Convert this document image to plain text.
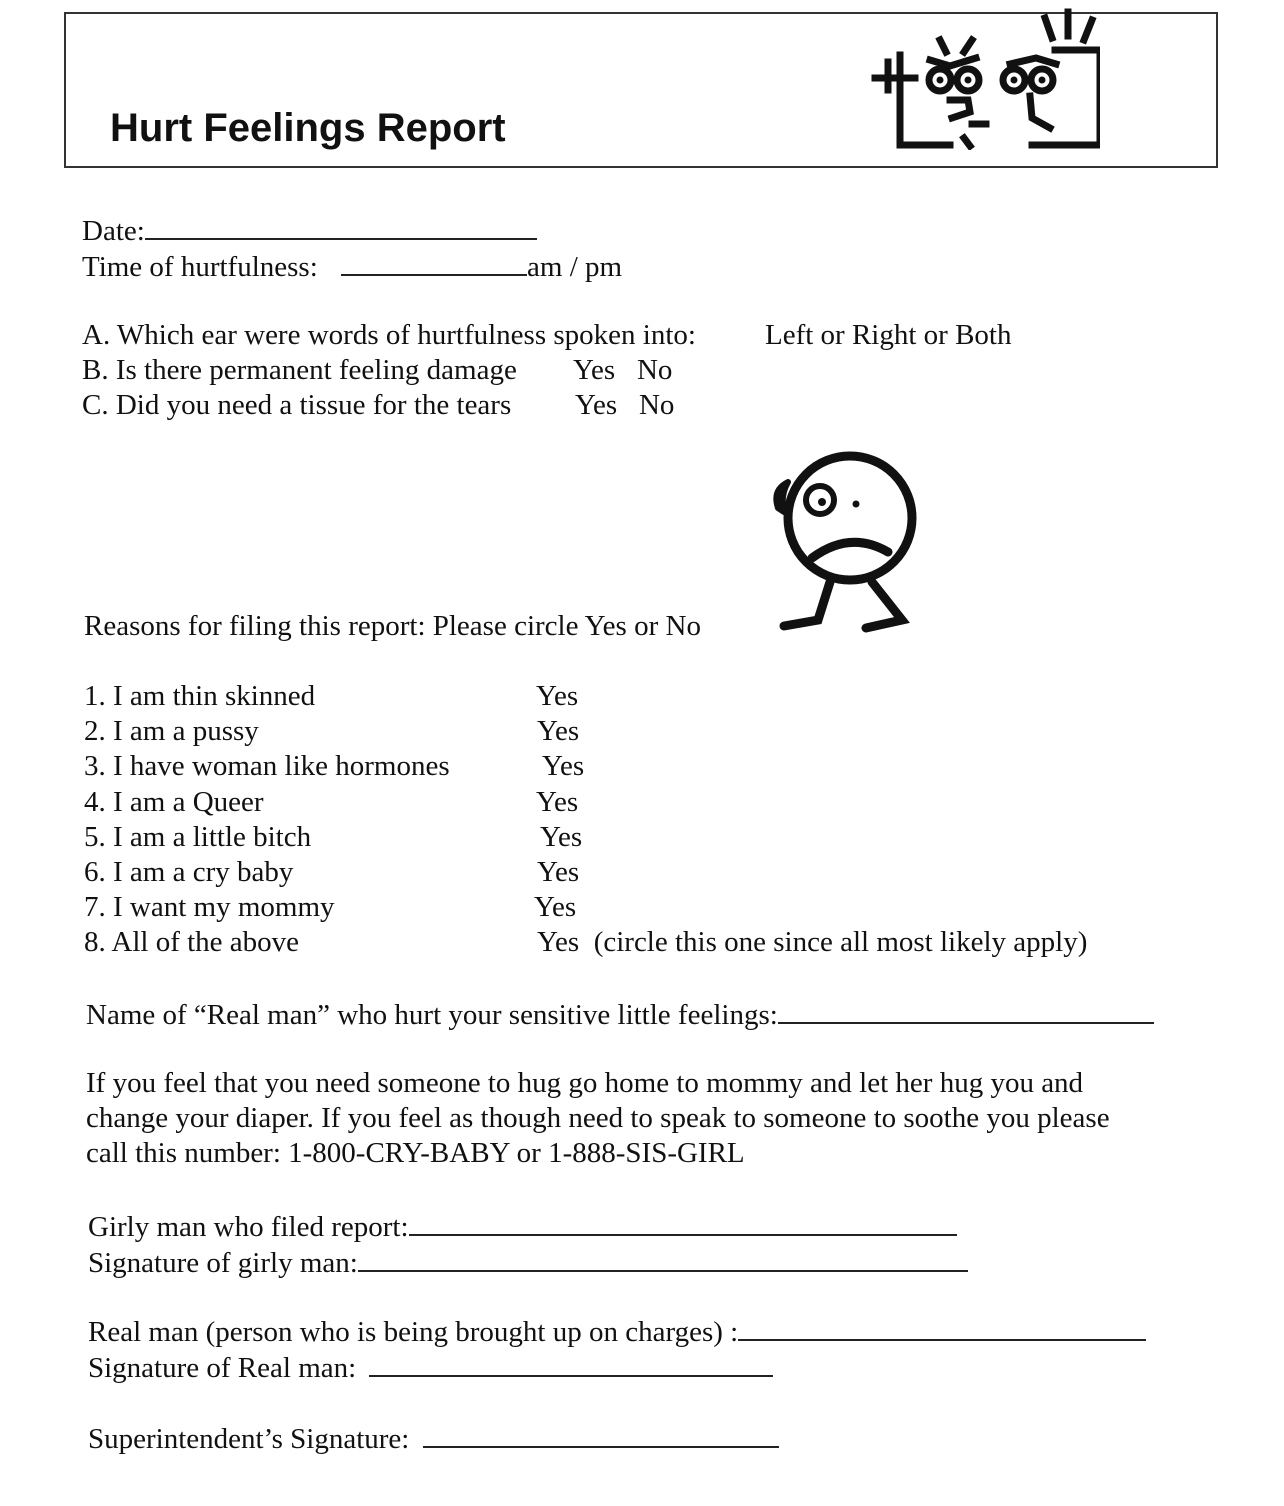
Hurt Feelings Report
Date:
Time of hurtfulness:	am / pm
A. Which ear were words of hurtfulness spoken into: Left or Right or Both
B. Is there permanent feeling damage Yes   No
C. Did you need a tissue for the tears Yes   No
Reasons for filing this report: Please circle Yes or No
1. I am thin skinned	Yes
2. I am a pussy	Yes
3. I have woman like hormones	Yes
4. I am a Queer	Yes
5. I am a little bitch	Yes
6. I am a cry baby	Yes
7. I want my mommy	Yes
8. All of the above	Yes  (circle this one since all most likely apply)
Name of “Real man” who hurt your sensitive little feelings:

If you feel that you need someone to hug go home to mommy and let her hug you and

change your diaper. If you feel as though need to speak to someone to soothe you please

call this number: 1-800-CRY-BABY or 1-888-SIS-GIRL

Girly man who filed report:
Signature of girly man:
Real man (person who is being brought up on charges) :
Signature of Real man:
Superintendent’s Signature:
